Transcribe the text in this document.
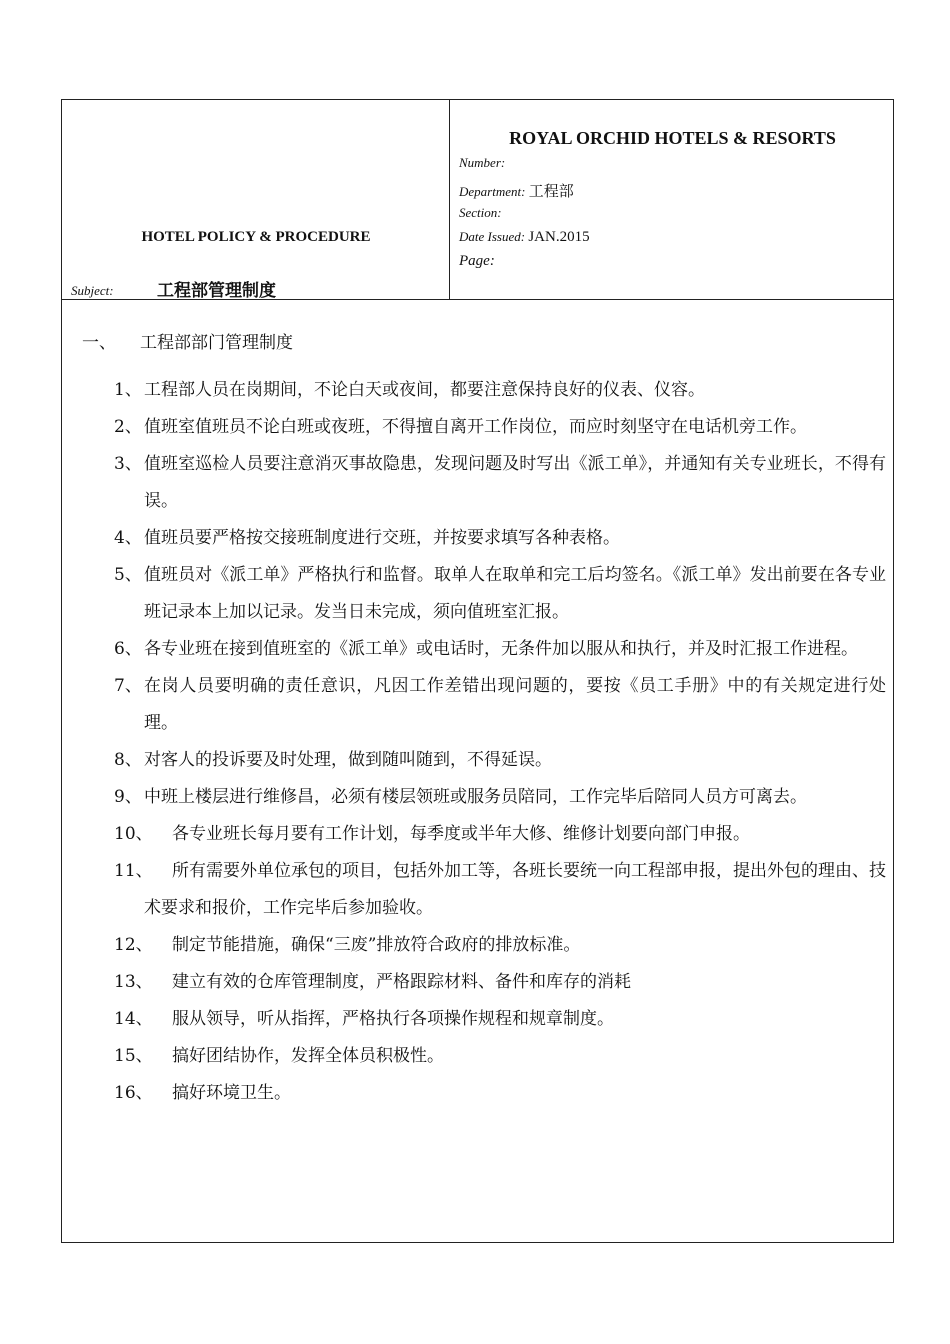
HOTEL POLICY & PROCEDURE
Subject:	工程部管理制度
ROYAL ORCHID HOTELS & RESORTS
Number:
Department: 工程部
Section:
Date Issued: JAN.2015
Page:
一、 工程部部门管理制度

1、 工程部人员在岗期间，不论白天或夜间，都要注意保持良好的仪表、仪容。

2、 值班室值班员不论白班或夜班，不得擅自离开工作岗位，而应时刻坚守在电话机旁工作。

3、 值班室巡检人员要注意消灭事故隐患，发现问题及时写出《派工单》，并通知有关专业班长，不得有误。

4、 值班员要严格按交接班制度进行交班，并按要求填写各种表格。

5、 值班员对《派工单》严格执行和监督。取单人在取单和完工后均签名。《派工单》发出前要在各专业班记录本上加以记录。发当日未完成，须向值班室汇报。

6、 各专业班在接到值班室的《派工单》或电话时，无条件加以服从和执行，并及时汇报工作进程。

7、 在岗人员要明确的责任意识，凡因工作差错出现问题的，要按《员工手册》中的有关规定进行处理。

8、 对客人的投诉要及时处理，做到随叫随到，不得延误。

9、 中班上楼层进行维修昌，必须有楼层领班或服务员陪同，工作完毕后陪同人员方可离去。

10、 各专业班长每月要有工作计划，每季度或半年大修、维修计划要向部门申报。

11、 所有需要外单位承包的项目，包括外加工等，各班长要统一向工程部申报，提出外包的理由、技术要求和报价，工作完毕后参加验收。

12、 制定节能措施，确保“三废”排放符合政府的排放标准。

13、 建立有效的仓库管理制度，严格跟踪材料、备件和库存的消耗

14、 服从领导，听从指挥，严格执行各项操作规程和规章制度。

15、 搞好团结协作，发挥全体员积极性。

16、 搞好环境卫生。
